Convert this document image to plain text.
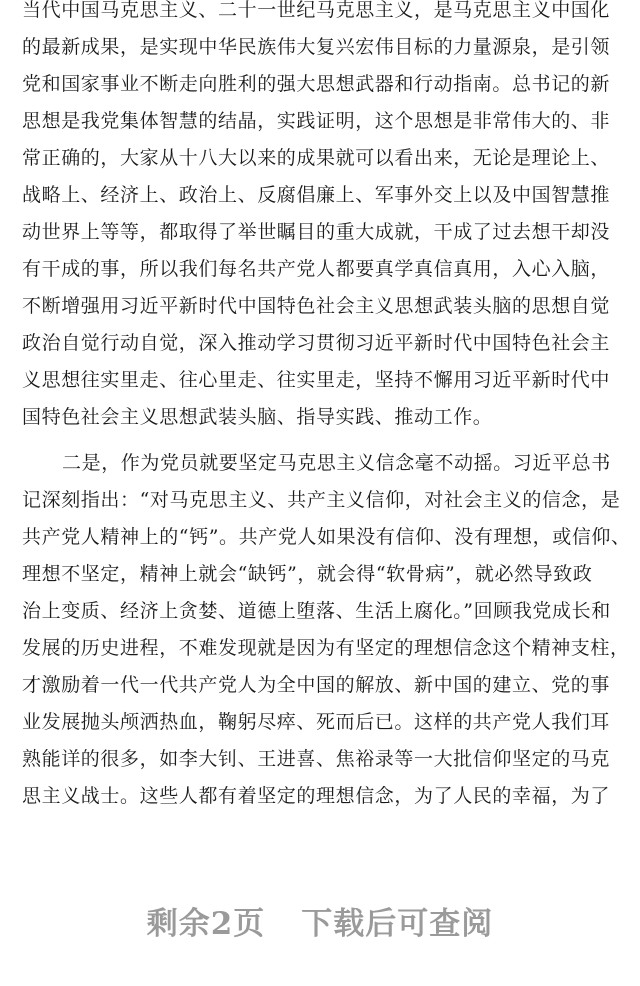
当代中国马克思主义、二十一世纪马克思主义，是马克思主义中国化
的最新成果，是实现中华民族伟大复兴宏伟目标的力量源泉，是引领
党和国家事业不断走向胜利的强大思想武器和行动指南。总书记的新
思想是我党集体智慧的结晶，实践证明，这个思想是非常伟大的、非
常正确的，大家从十八大以来的成果就可以看出来，无论是理论上、
战略上、经济上、政治上、反腐倡廉上、军事外交上以及中国智慧推
动世界上等等，都取得了举世瞩目的重大成就，干成了过去想干却没
有干成的事，所以我们每名共产党人都要真学真信真用，入心入脑，
不断增强用习近平新时代中国特色社会主义思想武装头脑的思想自觉
政治自觉行动自觉，深入推动学习贯彻习近平新时代中国特色社会主
义思想往实里走、往心里走、往实里走，坚持不懈用习近平新时代中
国特色社会主义思想武装头脑、指导实践、推动工作。
二是，作为党员就要坚定马克思主义信念毫不动摇。习近平总书
记深刻指出：“对马克思主义、共产主义信仰，对社会主义的信念，是
共产党人精神上的“钙”。共产党人如果没有信仰、没有理想，或信仰、
理想不坚定，精神上就会“缺钙”，就会得“软骨病”，就必然导致政
治上变质、经济上贪婪、道德上堕落、生活上腐化。”回顾我党成长和
发展的历史进程，不难发现就是因为有坚定的理想信念这个精神支柱，
才激励着一代一代共产党人为全中国的解放、新中国的建立、党的事
业发展抛头颅洒热血，鞠躬尽瘁、死而后已。这样的共产党人我们耳
熟能详的很多，如李大钊、王进喜、焦裕录等一大批信仰坚定的马克
思主义战士。这些人都有着坚定的理想信念，为了人民的幸福，为了
剩余2页 下载后可查阅
